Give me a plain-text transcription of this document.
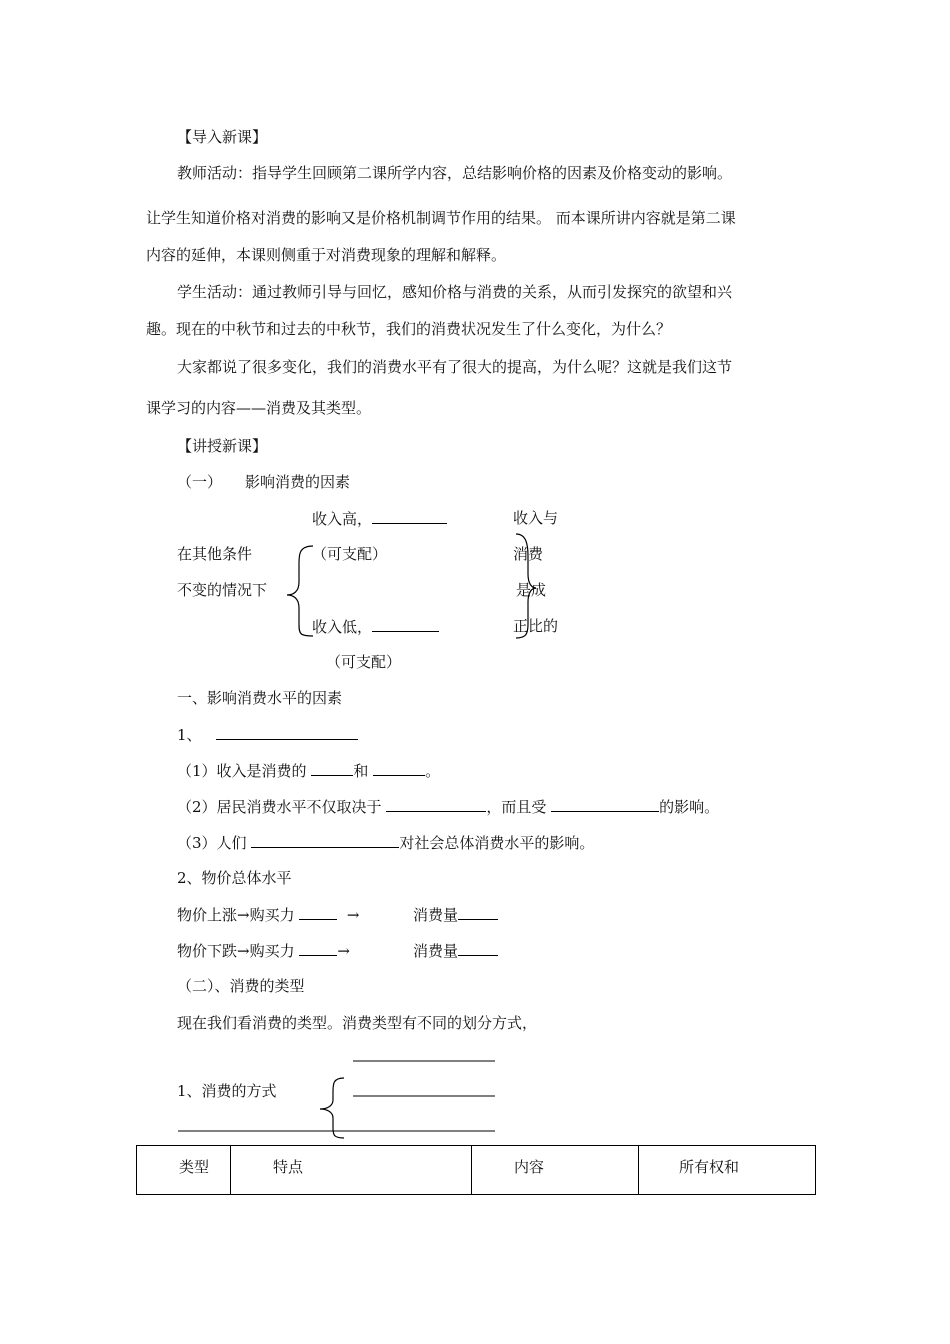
【导入新课】
教师活动：指导学生回顾第二课所学内容，总结影响价格的因素及价格变动的影响。
让学生知道价格对消费的影响又是价格机制调节作用的结果。 而本课所讲内容就是第二课
内容的延伸，本课则侧重于对消费现象的理解和解释。
学生活动：通过教师引导与回忆，感知价格与消费的关系，从而引发探究的欲望和兴
趣。现在的中秋节和过去的中秋节，我们的消费状况发生了什么变化，为什么？
大家都说了很多变化，我们的消费水平有了很大的提高，为什么呢？这就是我们这节
课学习的内容——消费及其类型。
【讲授新课】
（一） 影响消费的因素
收入高，	收入与
在其他条件	（可支配）	消费
不变的情况下	是成
收入低，	正比的
（可支配）
一、影响消费水平的因素
1、
（1）收入是消费的	和	。
（2）居民消费水平不仅取决于	，而且受	的影响。
（3）人们	对社会总体消费水平的影响。
2、物价总体水平
物价上涨→购买力	→	消费量
物价下跌→购买力	→	消费量
（二）、消费的类型
现在我们看消费的类型。消费类型有不同的划分方式，
1、消费的方式
类型	特点	内容	所有权和
